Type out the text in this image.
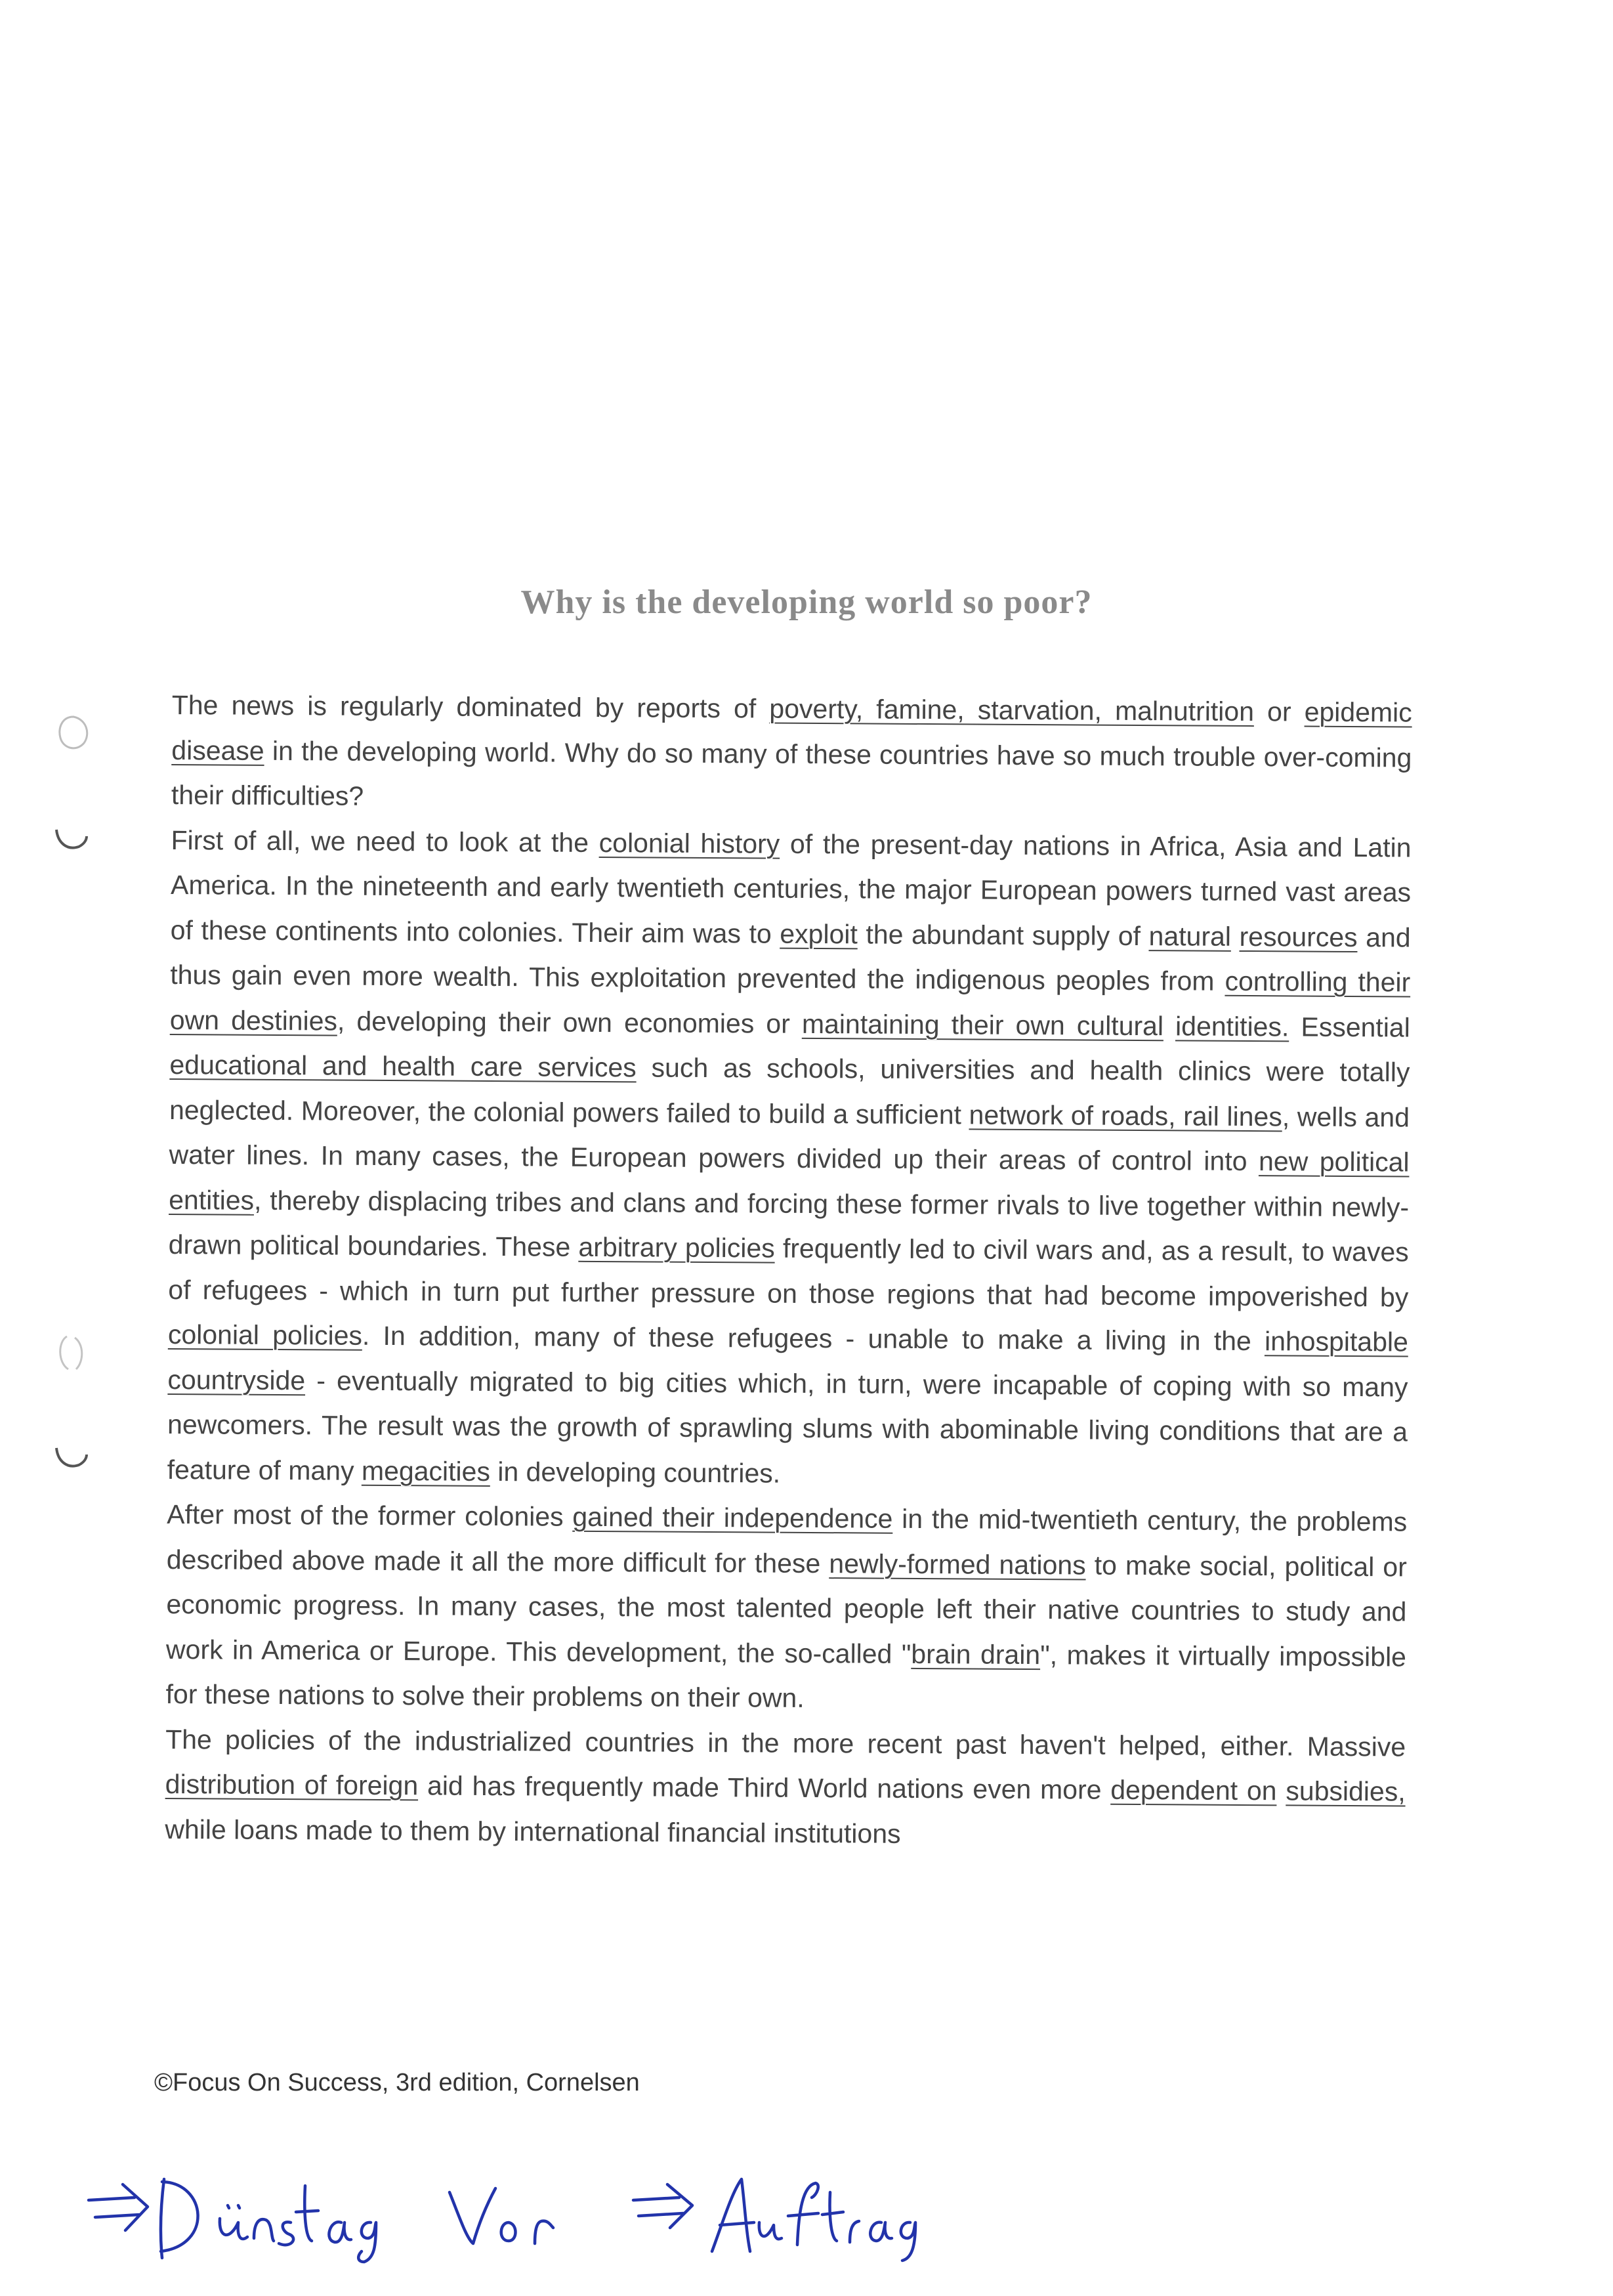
Why is the developing world so poor?

The news is regularly dominated by reports of poverty, famine, starvation, malnutrition or epidemic disease in the developing world. Why do so many of these countries have so much trouble over-coming their difficulties?

First of all, we need to look at the colonial history of the present-day nations in Africa, Asia and Latin America. In the nineteenth and early twentieth centuries, the major European powers turned vast areas of these continents into colonies. Their aim was to exploit the abundant supply of natural resources and thus gain even more wealth. This exploitation prevented the indigenous peoples from controlling their own destinies, developing their own economies or maintaining their own cultural identities. Essential educational and health care services such as schools, universities and health clinics were totally neglected. Moreover, the colonial powers failed to build a sufficient network of roads, rail lines, wells and water lines. In many cases, the European powers divided up their areas of control into new political entities, thereby displacing tribes and clans and forcing these former rivals to live together within newly-drawn political boundaries. These arbitrary policies frequently led to civil wars and, as a result, to waves of refugees - which in turn put further pressure on those regions that had become impoverished by colonial policies. In addition, many of these refugees - unable to make a living in the inhospitable countryside - eventually migrated to big cities which, in turn, were incapable of coping with so many newcomers. The result was the growth of sprawling slums with abominable living conditions that are a feature of many megacities in developing countries.

After most of the former colonies gained their independence in the mid-twentieth century, the problems described above made it all the more difficult for these newly-formed nations to make social, political or economic progress. In many cases, the most talented people left their native countries to study and work in America or Europe. This development, the so-called "brain drain", makes it virtually impossible for these nations to solve their problems on their own.

The policies of the industrialized countries in the more recent past haven't helped, either. Massive distribution of foreign aid has frequently made Third World nations even more dependent on subsidies, while loans made to them by international financial institutions

©Focus On Success, 3rd edition, Cornelsen
